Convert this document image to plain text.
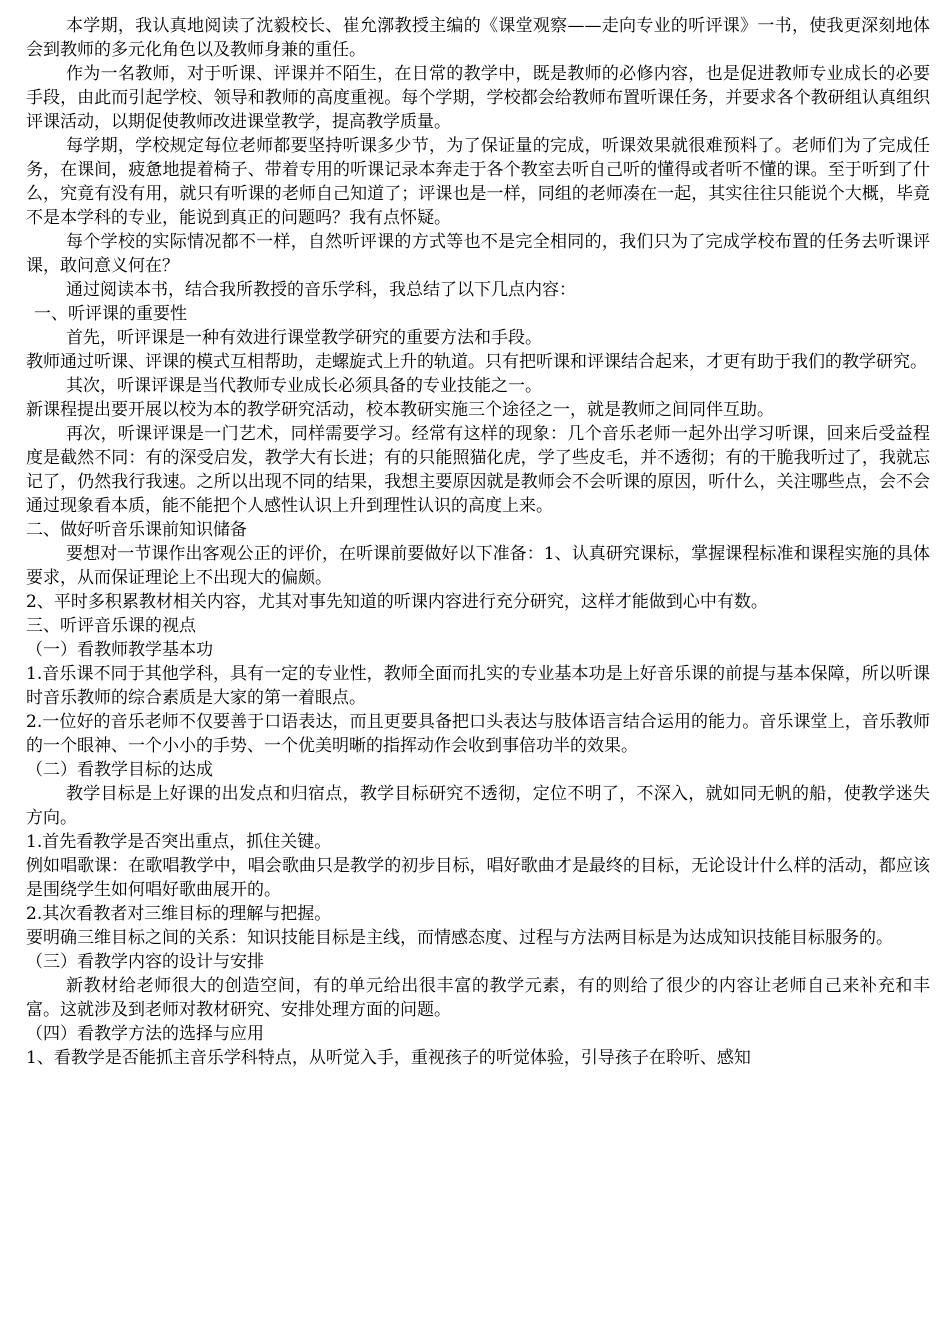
本学期，我认真地阅读了沈毅校长、崔允漷教授主编的《课堂观察——走向专业的听评课》一书，使我更深刻地体会到教师的多元化角色以及教师身兼的重任。

作为一名教师，对于听课、评课并不陌生，在日常的教学中，既是教师的必修内容，也是促进教师专业成长的必要手段，由此而引起学校、领导和教师的高度重视。每个学期，学校都会给教师布置听课任务，并要求各个教研组认真组织评课活动，以期促使教师改进课堂教学，提高教学质量。

每学期，学校规定每位老师都要坚持听课多少节，为了保证量的完成，听课效果就很难预料了。老师们为了完成任务，在课间，疲惫地提着椅子、带着专用的听课记录本奔走于各个教室去听自己听的懂得或者听不懂的课。至于听到了什么，究竟有没有用，就只有听课的老师自己知道了；评课也是一样，同组的老师凑在一起，其实往往只能说个大概，毕竟不是本学科的专业，能说到真正的问题吗？我有点怀疑。

每个学校的实际情况都不一样，自然听评课的方式等也不是完全相同的，我们只为了完成学校布置的任务去听课评课，敢问意义何在？

通过阅读本书，结合我所教授的音乐学科，我总结了以下几点内容：

一、听评课的重要性

首先，听评课是一种有效进行课堂教学研究的重要方法和手段。

教师通过听课、评课的模式互相帮助，走螺旋式上升的轨道。只有把听课和评课结合起来，才更有助于我们的教学研究。

其次，听课评课是当代教师专业成长必须具备的专业技能之一。

新课程提出要开展以校为本的教学研究活动，校本教研实施三个途径之一，就是教师之间同伴互助。

再次，听课评课是一门艺术，同样需要学习。经常有这样的现象：几个音乐老师一起外出学习听课，回来后受益程度是截然不同：有的深受启发，教学大有长进；有的只能照猫化虎，学了些皮毛，并不透彻；有的干脆我听过了，我就忘记了，仍然我行我速。之所以出现不同的结果，我想主要原因就是教师会不会听课的原因，听什么，关注哪些点，会不会通过现象看本质，能不能把个人感性认识上升到理性认识的高度上来。

二、做好听音乐课前知识储备

要想对一节课作出客观公正的评价，在听课前要做好以下准备：1、认真研究课标，掌握课程标准和课程实施的具体要求，从而保证理论上不出现大的偏颇。

2、平时多积累教材相关内容，尤其对事先知道的听课内容进行充分研究，这样才能做到心中有数。

三、听评音乐课的视点

（一）看教师教学基本功

1.音乐课不同于其他学科，具有一定的专业性，教师全面而扎实的专业基本功是上好音乐课的前提与基本保障，所以听课时音乐教师的综合素质是大家的第一着眼点。

2.一位好的音乐老师不仅要善于口语表达，而且更要具备把口头表达与肢体语言结合运用的能力。音乐课堂上，音乐教师的一个眼神、一个小小的手势、一个优美明晰的指挥动作会收到事倍功半的效果。

（二）看教学目标的达成

教学目标是上好课的出发点和归宿点，教学目标研究不透彻，定位不明了，不深入，就如同无帆的船，使教学迷失方向。

1.首先看教学是否突出重点，抓住关键。

例如唱歌课：在歌唱教学中，唱会歌曲只是教学的初步目标，唱好歌曲才是最终的目标，无论设计什么样的活动，都应该是围绕学生如何唱好歌曲展开的。

2.其次看教者对三维目标的理解与把握。

要明确三维目标之间的关系：知识技能目标是主线，而情感态度、过程与方法两目标是为达成知识技能目标服务的。

（三）看教学内容的设计与安排

新教材给老师很大的创造空间，有的单元给出很丰富的教学元素，有的则给了很少的内容让老师自己来补充和丰富。这就涉及到老师对教材研究、安排处理方面的问题。

（四）看教学方法的选择与应用

1、看教学是否能抓主音乐学科特点，从听觉入手，重视孩子的听觉体验，引导孩子在聆听、感知
